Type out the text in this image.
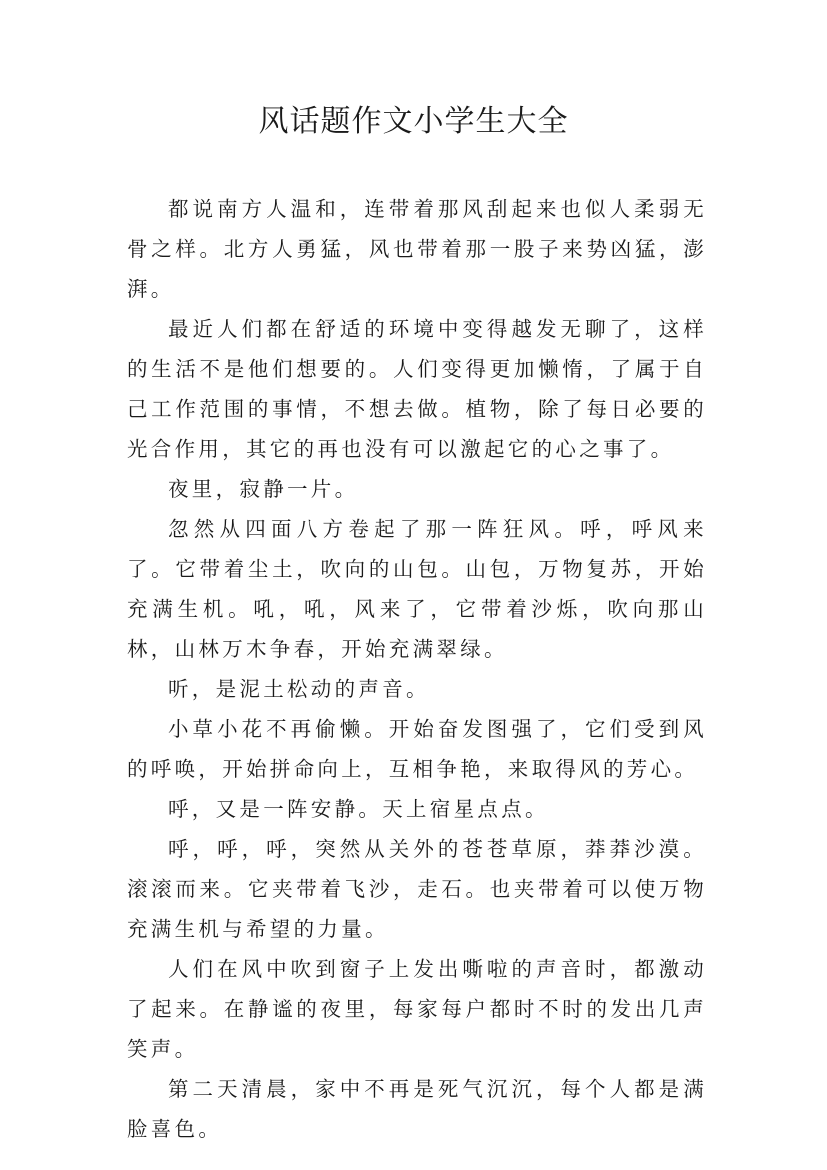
风话题作文小学生大全

都说南方人温和，连带着那风刮起来也似人柔弱无骨之样。北方人勇猛，风也带着那一股子来势凶猛，澎湃。

最近人们都在舒适的环境中变得越发无聊了，这样的生活不是他们想要的。人们变得更加懒惰，了属于自己工作范围的事情，不想去做。植物，除了每日必要的光合作用，其它的再也没有可以激起它的心之事了。

夜里，寂静一片。

忽然从四面八方卷起了那一阵狂风。呼，呼风来了。它带着尘土，吹向的山包。山包，万物复苏，开始充满生机。吼，吼，风来了，它带着沙烁，吹向那山林，山林万木争春，开始充满翠绿。

听，是泥土松动的声音。

小草小花不再偷懒。开始奋发图强了，它们受到风的呼唤，开始拼命向上，互相争艳，来取得风的芳心。

呼，又是一阵安静。天上宿星点点。

呼，呼，呼，突然从关外的苍苍草原，莽莽沙漠。滚滚而来。它夹带着飞沙，走石。也夹带着可以使万物充满生机与希望的力量。

人们在风中吹到窗子上发出嘶啦的声音时，都激动了起来。在静谧的夜里，每家每户都时不时的发出几声笑声。

第二天清晨，家中不再是死气沉沉，每个人都是满脸喜色。
